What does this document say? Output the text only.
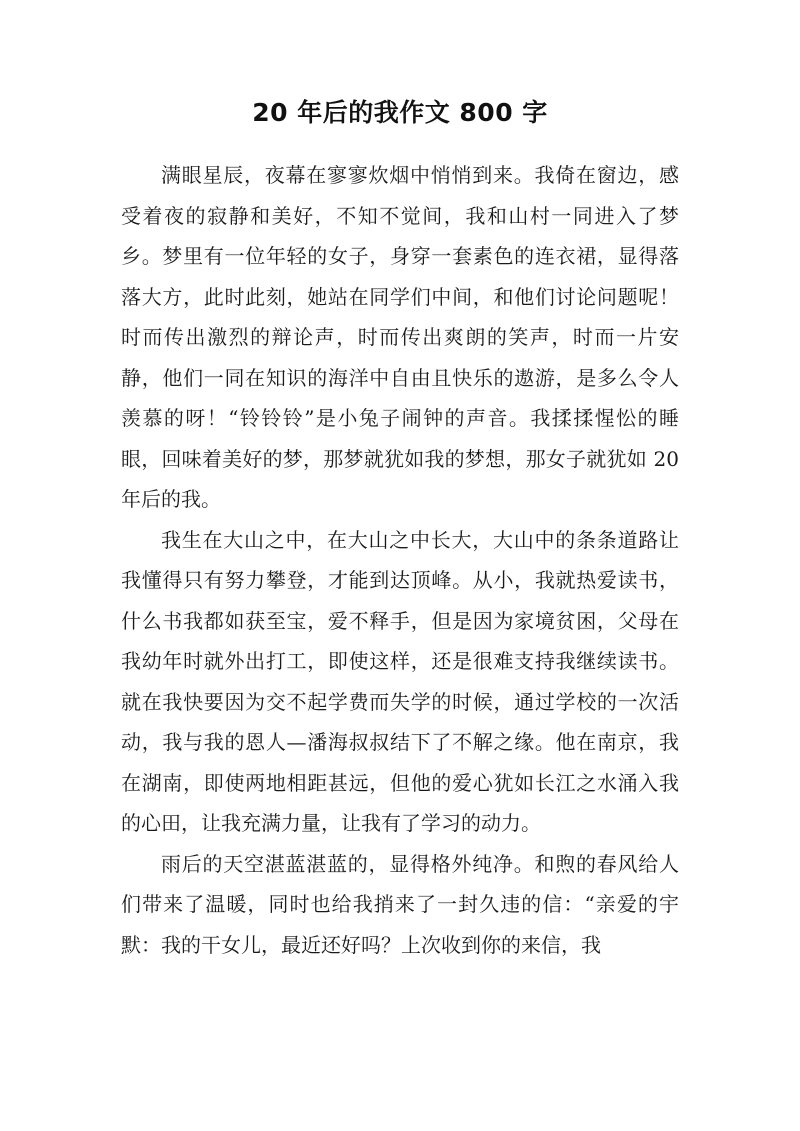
20 年后的我作文 800 字

满眼星辰，夜幕在寥寥炊烟中悄悄到来。我倚在窗边，感受着夜的寂静和美好，不知不觉间，我和山村一同进入了梦乡。梦里有一位年轻的女子，身穿一套素色的连衣裙，显得落落大方，此时此刻，她站在同学们中间，和他们讨论问题呢！时而传出激烈的辩论声，时而传出爽朗的笑声，时而一片安静，他们一同在知识的海洋中自由且快乐的遨游，是多么令人羡慕的呀！“铃铃铃”是小兔子闹钟的声音。我揉揉惺忪的睡眼，回味着美好的梦，那梦就犹如我的梦想，那女子就犹如 20 年后的我。

我生在大山之中，在大山之中长大，大山中的条条道路让我懂得只有努力攀登，才能到达顶峰。从小，我就热爱读书，什么书我都如获至宝，爱不释手，但是因为家境贫困，父母在我幼年时就外出打工，即使这样，还是很难支持我继续读书。就在我快要因为交不起学费而失学的时候，通过学校的一次活动，我与我的恩人—潘海叔叔结下了不解之缘。他在南京，我在湖南，即使两地相距甚远，但他的爱心犹如长江之水涌入我的心田，让我充满力量，让我有了学习的动力。

雨后的天空湛蓝湛蓝的，显得格外纯净。和煦的春风给人们带来了温暖，同时也给我捎来了一封久违的信：“亲爱的宇默：我的干女儿，最近还好吗？上次收到你的来信，我
